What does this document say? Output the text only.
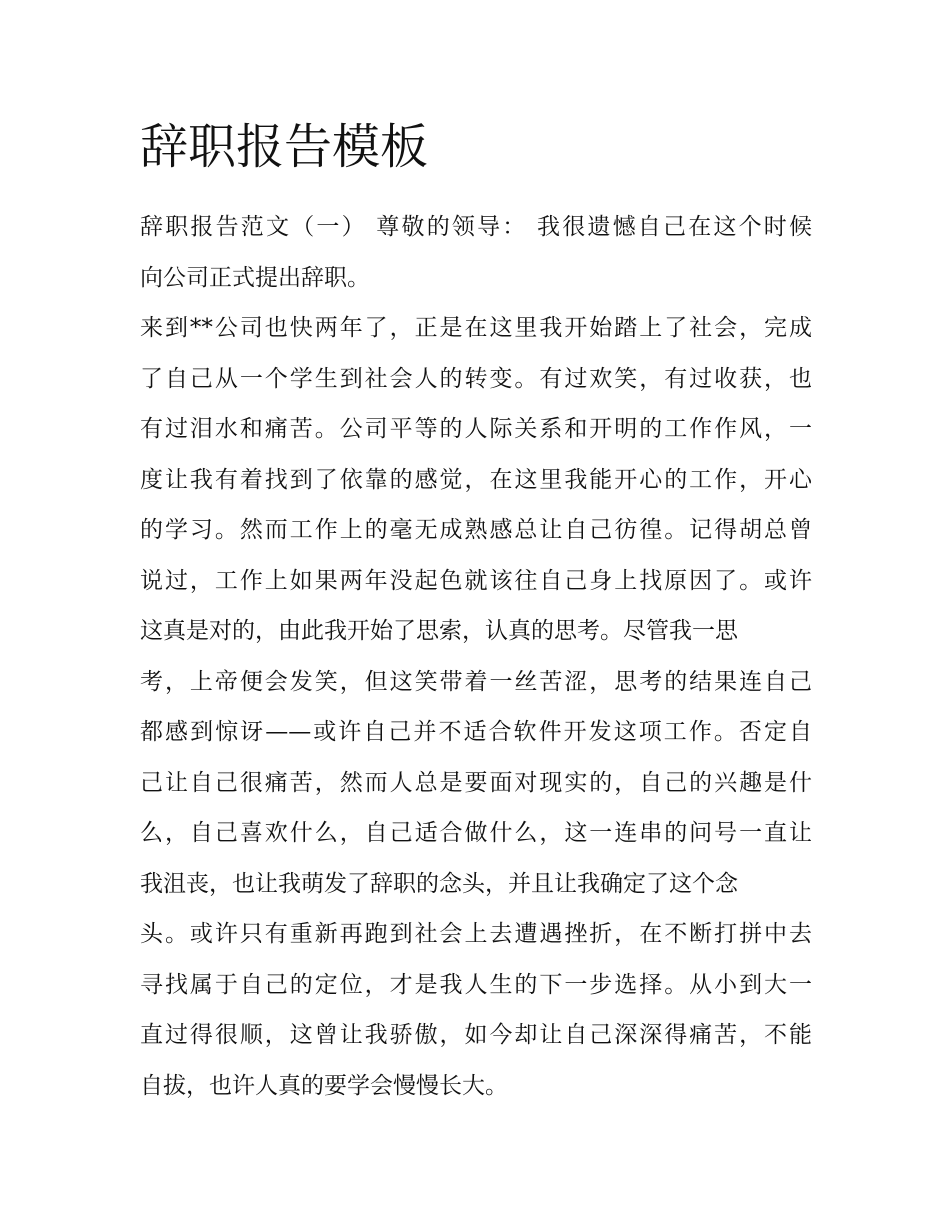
辞职报告模板

辞职报告范文（一） 尊敬的领导： 我很遗憾自己在这个时候
向公司正式提出辞职。

来到**公司也快两年了，正是在这里我开始踏上了社会，完成
了自己从一个学生到社会人的转变。有过欢笑，有过收获，也
有过泪水和痛苦。公司平等的人际关系和开明的工作作风，一
度让我有着找到了依靠的感觉，在这里我能开心的工作，开心
的学习。然而工作上的毫无成熟感总让自己彷徨。记得胡总曾
说过，工作上如果两年没起色就该往自己身上找原因了。或许
这真是对的，由此我开始了思索，认真的思考。尽管我一思
考，上帝便会发笑，但这笑带着一丝苦涩，思考的结果连自己
都感到惊讶——或许自己并不适合软件开发这项工作。否定自
己让自己很痛苦，然而人总是要面对现实的，自己的兴趣是什
么，自己喜欢什么，自己适合做什么，这一连串的问号一直让
我沮丧，也让我萌发了辞职的念头，并且让我确定了这个念
头。或许只有重新再跑到社会上去遭遇挫折，在不断打拼中去
寻找属于自己的定位，才是我人生的下一步选择。从小到大一
直过得很顺，这曾让我骄傲，如今却让自己深深得痛苦，不能
自拔，也许人真的要学会慢慢长大。
